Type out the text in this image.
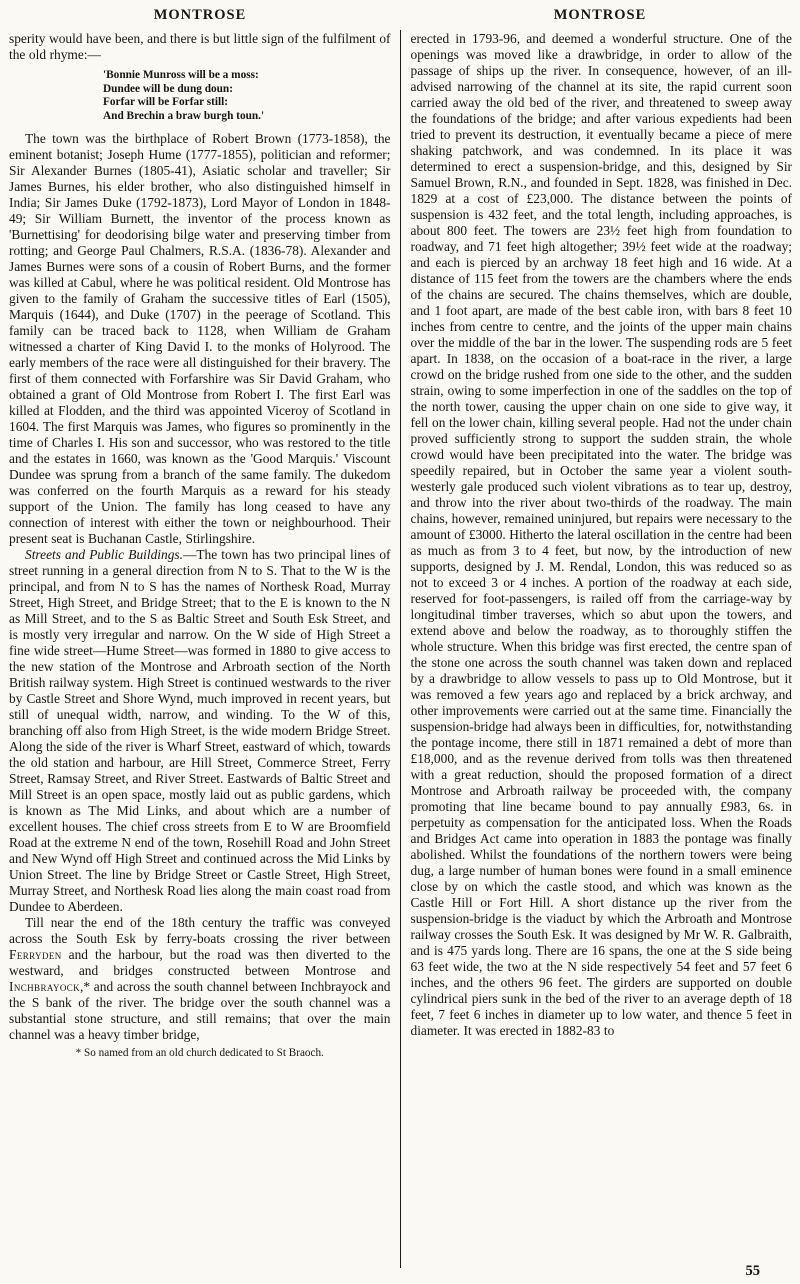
MONTROSE	MONTROSE

sperity would have been, and there is but little sign of the fulfilment of the old rhyme:—

'Bonnie Munross will be a moss:
Dundee will be dung doun:
Forfar will be Forfar still:
And Brechin a braw burgh toun.'

The town was the birthplace of Robert Brown (1773-1858), the eminent botanist; Joseph Hume (1777-1855), politician and reformer; Sir Alexander Burnes (1805-41), Asiatic scholar and traveller; Sir James Burnes, his elder brother, who also distinguished himself in India; Sir James Duke (1792-1873), Lord Mayor of London in 1848-49; Sir William Burnett, the inventor of the process known as 'Burnettising' for deodorising bilge water and preserving timber from rotting; and George Paul Chalmers, R.S.A. (1836-78). Alexander and James Burnes were sons of a cousin of Robert Burns, and the former was killed at Cabul, where he was political resident. Old Montrose has given to the family of Graham the successive titles of Earl (1505), Marquis (1644), and Duke (1707) in the peerage of Scotland. This family can be traced back to 1128, when William de Graham witnessed a charter of King David I. to the monks of Holyrood. The early members of the race were all distinguished for their bravery. The first of them connected with Forfarshire was Sir David Graham, who obtained a grant of Old Montrose from Robert I. The first Earl was killed at Flodden, and the third was appointed Viceroy of Scotland in 1604. The first Marquis was James, who figures so prominently in the time of Charles I. His son and successor, who was restored to the title and the estates in 1660, was known as the 'Good Marquis.' Viscount Dundee was sprung from a branch of the same family. The dukedom was conferred on the fourth Marquis as a reward for his steady support of the Union. The family has long ceased to have any connection of interest with either the town or neighbourhood. Their present seat is Buchanan Castle, Stirlingshire.

Streets and Public Buildings.—The town has two principal lines of street running in a general direction from N to S. That to the W is the principal, and from N to S has the names of Northesk Road, Murray Street, High Street, and Bridge Street; that to the E is known to the N as Mill Street, and to the S as Baltic Street and South Esk Street, and is mostly very irregular and narrow. On the W side of High Street a fine wide street—Hume Street—was formed in 1880 to give access to the new station of the Montrose and Arbroath section of the North British railway system. High Street is continued westwards to the river by Castle Street and Shore Wynd, much improved in recent years, but still of unequal width, narrow, and winding. To the W of this, branching off also from High Street, is the wide modern Bridge Street. Along the side of the river is Wharf Street, eastward of which, towards the old station and harbour, are Hill Street, Commerce Street, Ferry Street, Ramsay Street, and River Street. Eastwards of Baltic Street and Mill Street is an open space, mostly laid out as public gardens, which is known as The Mid Links, and about which are a number of excellent houses. The chief cross streets from E to W are Broomfield Road at the extreme N end of the town, Rosehill Road and John Street and New Wynd off High Street and continued across the Mid Links by Union Street. The line by Bridge Street or Castle Street, High Street, Murray Street, and Northesk Road lies along the main coast road from Dundee to Aberdeen.

Till near the end of the 18th century the traffic was conveyed across the South Esk by ferry-boats crossing the river between Ferryden and the harbour, but the road was then diverted to the westward, and bridges constructed between Montrose and Inchbrayock,* and across the south channel between Inchbrayock and the S bank of the river. The bridge over the south channel was a substantial stone structure, and still remains; that over the main channel was a heavy timber bridge,

* So named from an old church dedicated to St Braoch.

erected in 1793-96, and deemed a wonderful structure. One of the openings was moved like a drawbridge, in order to allow of the passage of ships up the river. In consequence, however, of an ill-advised narrowing of the channel at its site, the rapid current soon carried away the old bed of the river, and threatened to sweep away the foundations of the bridge; and after various expedients had been tried to prevent its destruction, it eventually became a piece of mere shaking patchwork, and was condemned. In its place it was determined to erect a suspension-bridge, and this, designed by Sir Samuel Brown, R.N., and founded in Sept. 1828, was finished in Dec. 1829 at a cost of £23,000. The distance between the points of suspension is 432 feet, and the total length, including approaches, is about 800 feet. The towers are 23½ feet high from foundation to roadway, and 71 feet high altogether; 39½ feet wide at the roadway; and each is pierced by an archway 18 feet high and 16 wide. At a distance of 115 feet from the towers are the chambers where the ends of the chains are secured. The chains themselves, which are double, and 1 foot apart, are made of the best cable iron, with bars 8 feet 10 inches from centre to centre, and the joints of the upper main chains over the middle of the bar in the lower. The suspending rods are 5 feet apart. In 1838, on the occasion of a boat-race in the river, a large crowd on the bridge rushed from one side to the other, and the sudden strain, owing to some imperfection in one of the saddles on the top of the north tower, causing the upper chain on one side to give way, it fell on the lower chain, killing several people. Had not the under chain proved sufficiently strong to support the sudden strain, the whole crowd would have been precipitated into the water. The bridge was speedily repaired, but in October the same year a violent south-westerly gale produced such violent vibrations as to tear up, destroy, and throw into the river about two-thirds of the roadway. The main chains, however, remained uninjured, but repairs were necessary to the amount of £3000. Hitherto the lateral oscillation in the centre had been as much as from 3 to 4 feet, but now, by the introduction of new supports, designed by J. M. Rendal, London, this was reduced so as not to exceed 3 or 4 inches. A portion of the roadway at each side, reserved for foot-passengers, is railed off from the carriage-way by longitudinal timber traverses, which so abut upon the towers, and extend above and below the roadway, as to thoroughly stiffen the whole structure. When this bridge was first erected, the centre span of the stone one across the south channel was taken down and replaced by a drawbridge to allow vessels to pass up to Old Montrose, but it was removed a few years ago and replaced by a brick archway, and other improvements were carried out at the same time. Financially the suspension-bridge had always been in difficulties, for, notwithstanding the pontage income, there still in 1871 remained a debt of more than £18,000, and as the revenue derived from tolls was then threatened with a great reduction, should the proposed formation of a direct Montrose and Arbroath railway be proceeded with, the company promoting that line became bound to pay annually £983, 6s. in perpetuity as compensation for the anticipated loss. When the Roads and Bridges Act came into operation in 1883 the pontage was finally abolished. Whilst the foundations of the northern towers were being dug, a large number of human bones were found in a small eminence close by on which the castle stood, and which was known as the Castle Hill or Fort Hill. A short distance up the river from the suspension-bridge is the viaduct by which the Arbroath and Montrose railway crosses the South Esk. It was designed by Mr W. R. Galbraith, and is 475 yards long. There are 16 spans, the one at the S side being 63 feet wide, the two at the N side respectively 54 feet and 57 feet 6 inches, and the others 96 feet. The girders are supported on double cylindrical piers sunk in the bed of the river to an average depth of 18 feet, 7 feet 6 inches in diameter up to low water, and thence 5 feet in diameter. It was erected in 1882-83 to

55
